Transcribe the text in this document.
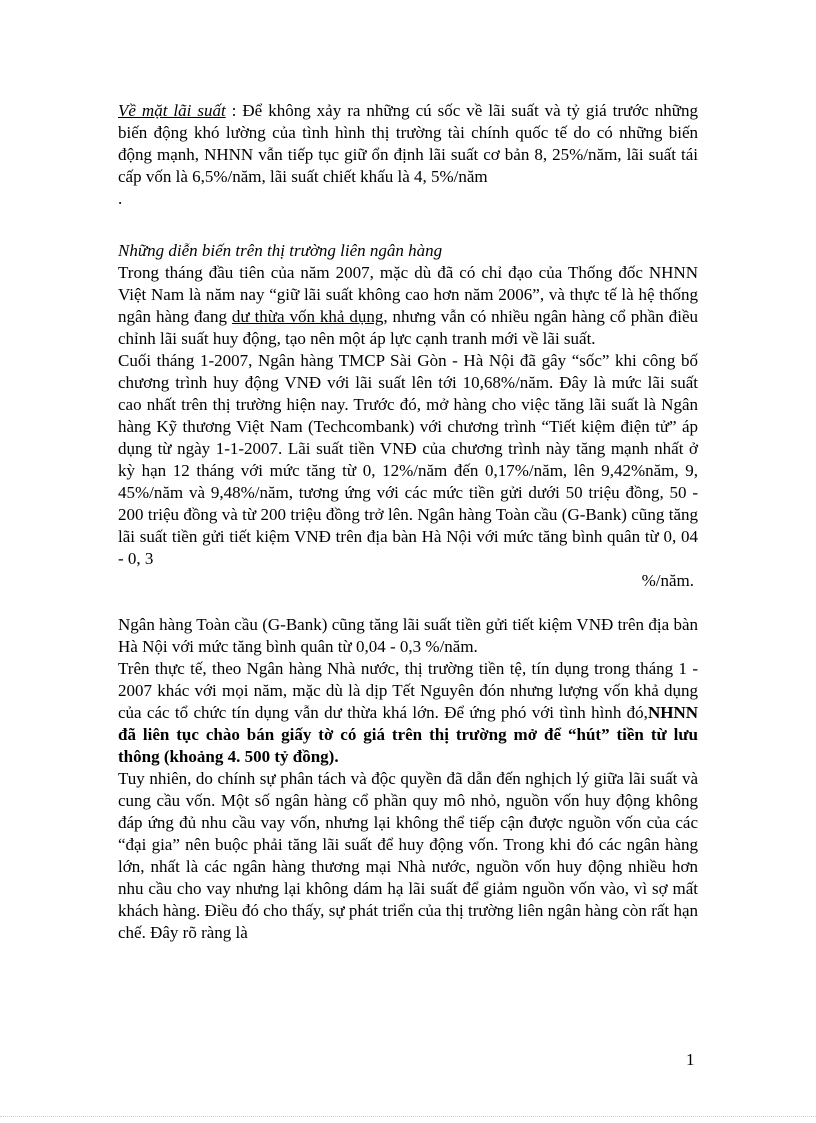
Về mặt lãi suất : Để không xảy ra những cú sốc về lãi suất và tỷ giá trước những biến động khó lường của tình hình thị trường tài chính quốc tế do có những biến động mạnh, NHNN vẫn tiếp tục giữ ổn định lãi suất cơ bản 8, 25%/năm, lãi suất tái cấp vốn là 6,5%/năm, lãi suất chiết khấu là 4, 5%/năm

.

Những diễn biến trên thị trường liên ngân hàng

Trong tháng đầu tiên của năm 2007, mặc dù đã có chỉ đạo của Thống đốc NHNN Việt Nam là năm nay “giữ lãi suất không cao hơn năm 2006”, và thực tế là hệ thống ngân hàng đang dư thừa vốn khả dụng, nhưng vẫn có nhiều ngân hàng cổ phần điều chỉnh lãi suất huy động, tạo nên một áp lực cạnh tranh mới về lãi suất.

Cuối tháng 1-2007, Ngân hàng TMCP Sài Gòn - Hà Nội đã gây “sốc” khi công bố chương trình huy động VNĐ với lãi suất lên tới 10,68%/năm. Đây là mức lãi suất cao nhất trên thị trường hiện nay. Trước đó, mở hàng cho việc tăng lãi suất là Ngân hàng Kỹ thương Việt Nam (Techcombank) với chương trình “Tiết kiệm điện tử” áp dụng từ ngày 1-1-2007. Lãi suất tiền VNĐ của chương trình này tăng mạnh nhất ở kỳ hạn 12 tháng với mức tăng từ 0, 12%/năm đến 0,17%/năm, lên 9,42%năm, 9, 45%/năm và 9,48%/năm, tương ứng với các mức tiền gửi dưới 50 triệu đồng, 50 - 200 triệu đồng và từ 200 triệu đồng trở lên. Ngân hàng Toàn cầu (G-Bank) cũng tăng lãi suất tiền gửi tiết kiệm VNĐ trên địa bàn Hà Nội với mức tăng bình quân từ 0, 04 - 0, 3

%/năm.

Ngân hàng Toàn cầu (G-Bank) cũng tăng lãi suất tiền gửi tiết kiệm VNĐ trên địa bàn Hà Nội với mức tăng bình quân từ 0,04 - 0,3 %/năm.

Trên thực tế, theo Ngân hàng Nhà nước, thị trường tiền tệ, tín dụng trong tháng 1 - 2007 khác với mọi năm, mặc dù là dịp Tết Nguyên đón nhưng lượng vốn khả dụng của các tổ chức tín dụng vẫn dư thừa khá lớn. Để ứng phó với tình hình đó,NHNN đã liên tục chào bán giấy tờ có giá trên thị trường mở để “hút” tiền từ lưu thông (khoảng 4. 500 tỷ đồng).

Tuy nhiên, do chính sự phân tách và độc quyền đã dẫn đến nghịch lý giữa lãi suất và cung cầu vốn. Một số ngân hàng cổ phần quy mô nhỏ, nguồn vốn huy động không đáp ứng đủ nhu cầu vay vốn, nhưng lại không thể tiếp cận được nguồn vốn của các “đại gia” nên buộc phải tăng lãi suất để huy động vốn. Trong khi đó các ngân hàng lớn, nhất là các ngân hàng thương mại Nhà nước, nguồn vốn huy động nhiều hơn nhu cầu cho vay nhưng lại không dám hạ lãi suất để giảm nguồn vốn vào, vì sợ mất khách hàng. Điều đó cho thấy, sự phát triển của thị trường liên ngân hàng còn rất hạn chế. Đây rõ ràng là

1
